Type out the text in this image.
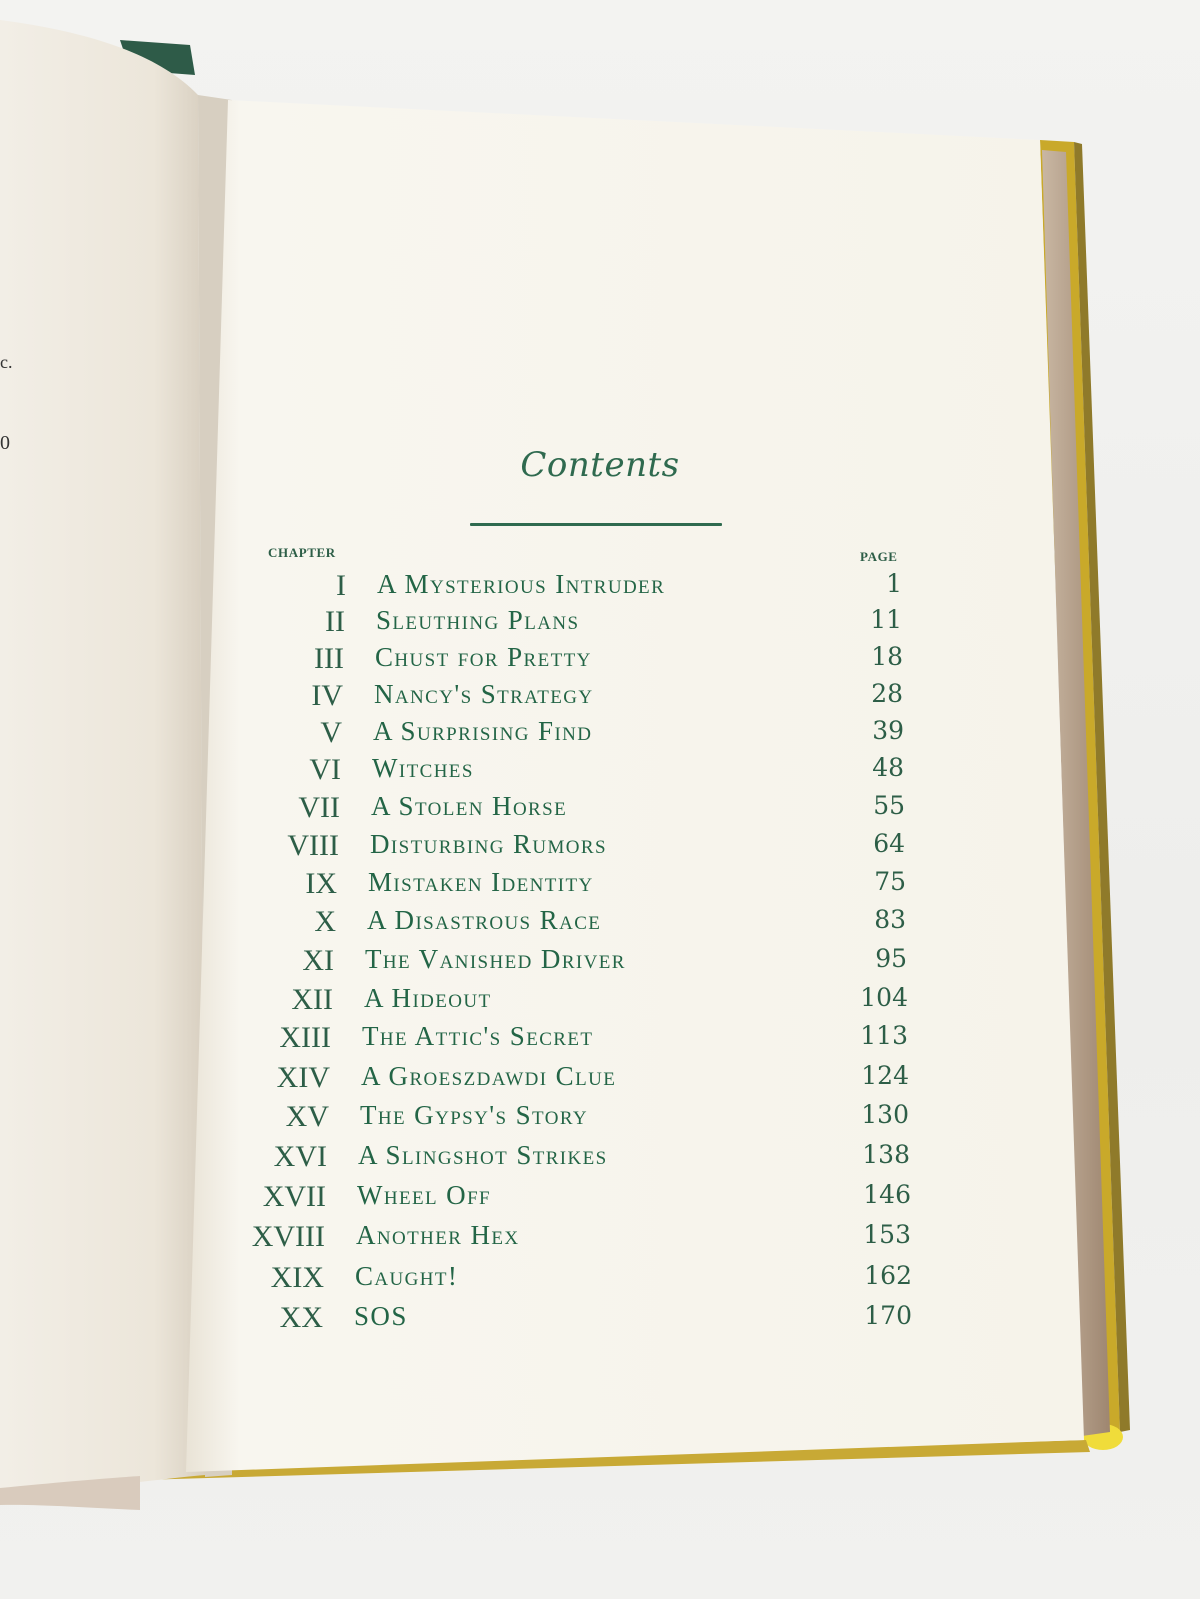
c.
0
Contents
CHAPTER	PAGE
I A Mysterious Intruder	1
II Sleuthing Plans	11
III Chust for Pretty	18
IV Nancy's Strategy	28
V A Surprising Find	39
VI Witches	48
VII A Stolen Horse	55
VIII Disturbing Rumors	64
IX Mistaken Identity	75
X A Disastrous Race	83
XI The Vanished Driver	95
XII A Hideout	104
XIII The Attic's Secret	113
XIV A Groeszdawdi Clue	124
XV The Gypsy's Story	130
XVI A Slingshot Strikes	138
XVII Wheel Off	146
XVIII Another Hex	153
XIX Caught!	162
XX SOS	170
